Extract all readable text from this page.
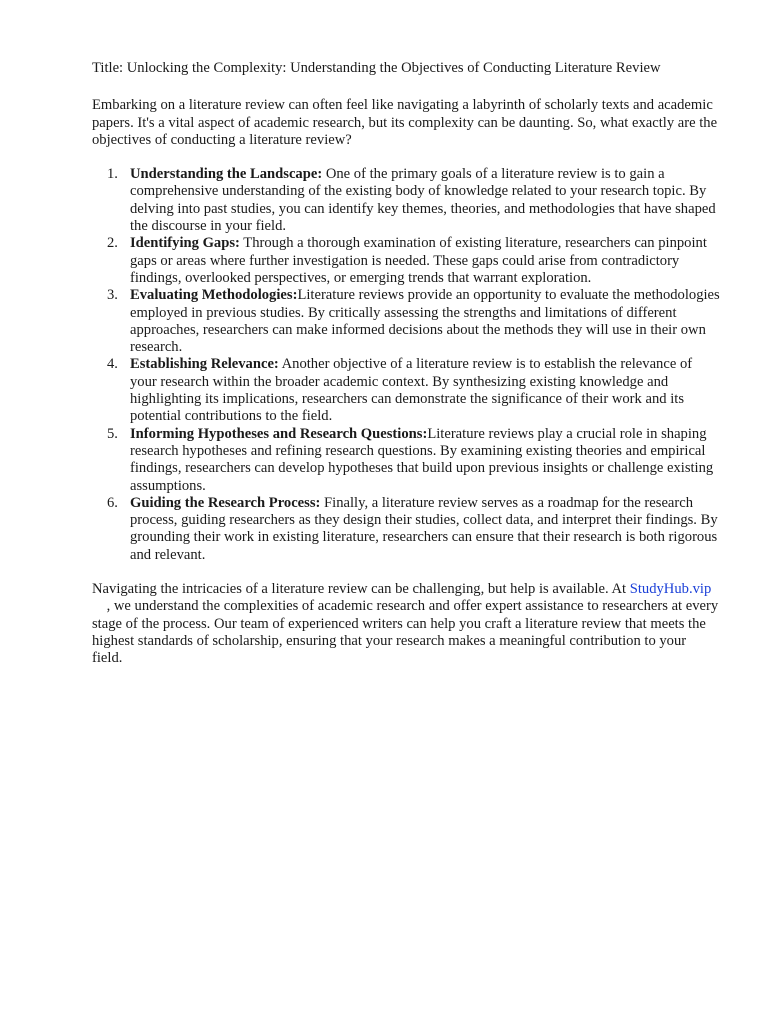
Title: Unlocking the Complexity: Understanding the Objectives of Conducting Literature Review

Embarking on a literature review can often feel like navigating a labyrinth of scholarly texts and academic papers. It's a vital aspect of academic research, but its complexity can be daunting. So, what exactly are the objectives of conducting a literature review?

1. Understanding the Landscape: One of the primary goals of a literature review is to gain a comprehensive understanding of the existing body of knowledge related to your research topic. By delving into past studies, you can identify key themes, theories, and methodologies that have shaped the discourse in your field.
2. Identifying Gaps: Through a thorough examination of existing literature, researchers can pinpoint gaps or areas where further investigation is needed. These gaps could arise from contradictory findings, overlooked perspectives, or emerging trends that warrant exploration.
3. Evaluating Methodologies:Literature reviews provide an opportunity to evaluate the methodologies employed in previous studies. By critically assessing the strengths and limitations of different approaches, researchers can make informed decisions about the methods they will use in their own research.
4. Establishing Relevance: Another objective of a literature review is to establish the relevance of your research within the broader academic context. By synthesizing existing knowledge and highlighting its implications, researchers can demonstrate the significance of their work and its potential contributions to the field.
5. Informing Hypotheses and Research Questions:Literature reviews play a crucial role in shaping research hypotheses and refining research questions. By examining existing theories and empirical findings, researchers can develop hypotheses that build upon previous insights or challenge existing assumptions.
6. Guiding the Research Process: Finally, a literature review serves as a roadmap for the research process, guiding researchers as they design their studies, collect data, and interpret their findings. By grounding their work in existing literature, researchers can ensure that their research is both rigorous and relevant.

Navigating the intricacies of a literature review can be challenging, but help is available. At StudyHub.vip     , we understand the complexities of academic research and offer expert assistance to researchers at every stage of the process. Our team of experienced writers can help you craft a literature review that meets the highest standards of scholarship, ensuring that your research makes a meaningful contribution to your field.
